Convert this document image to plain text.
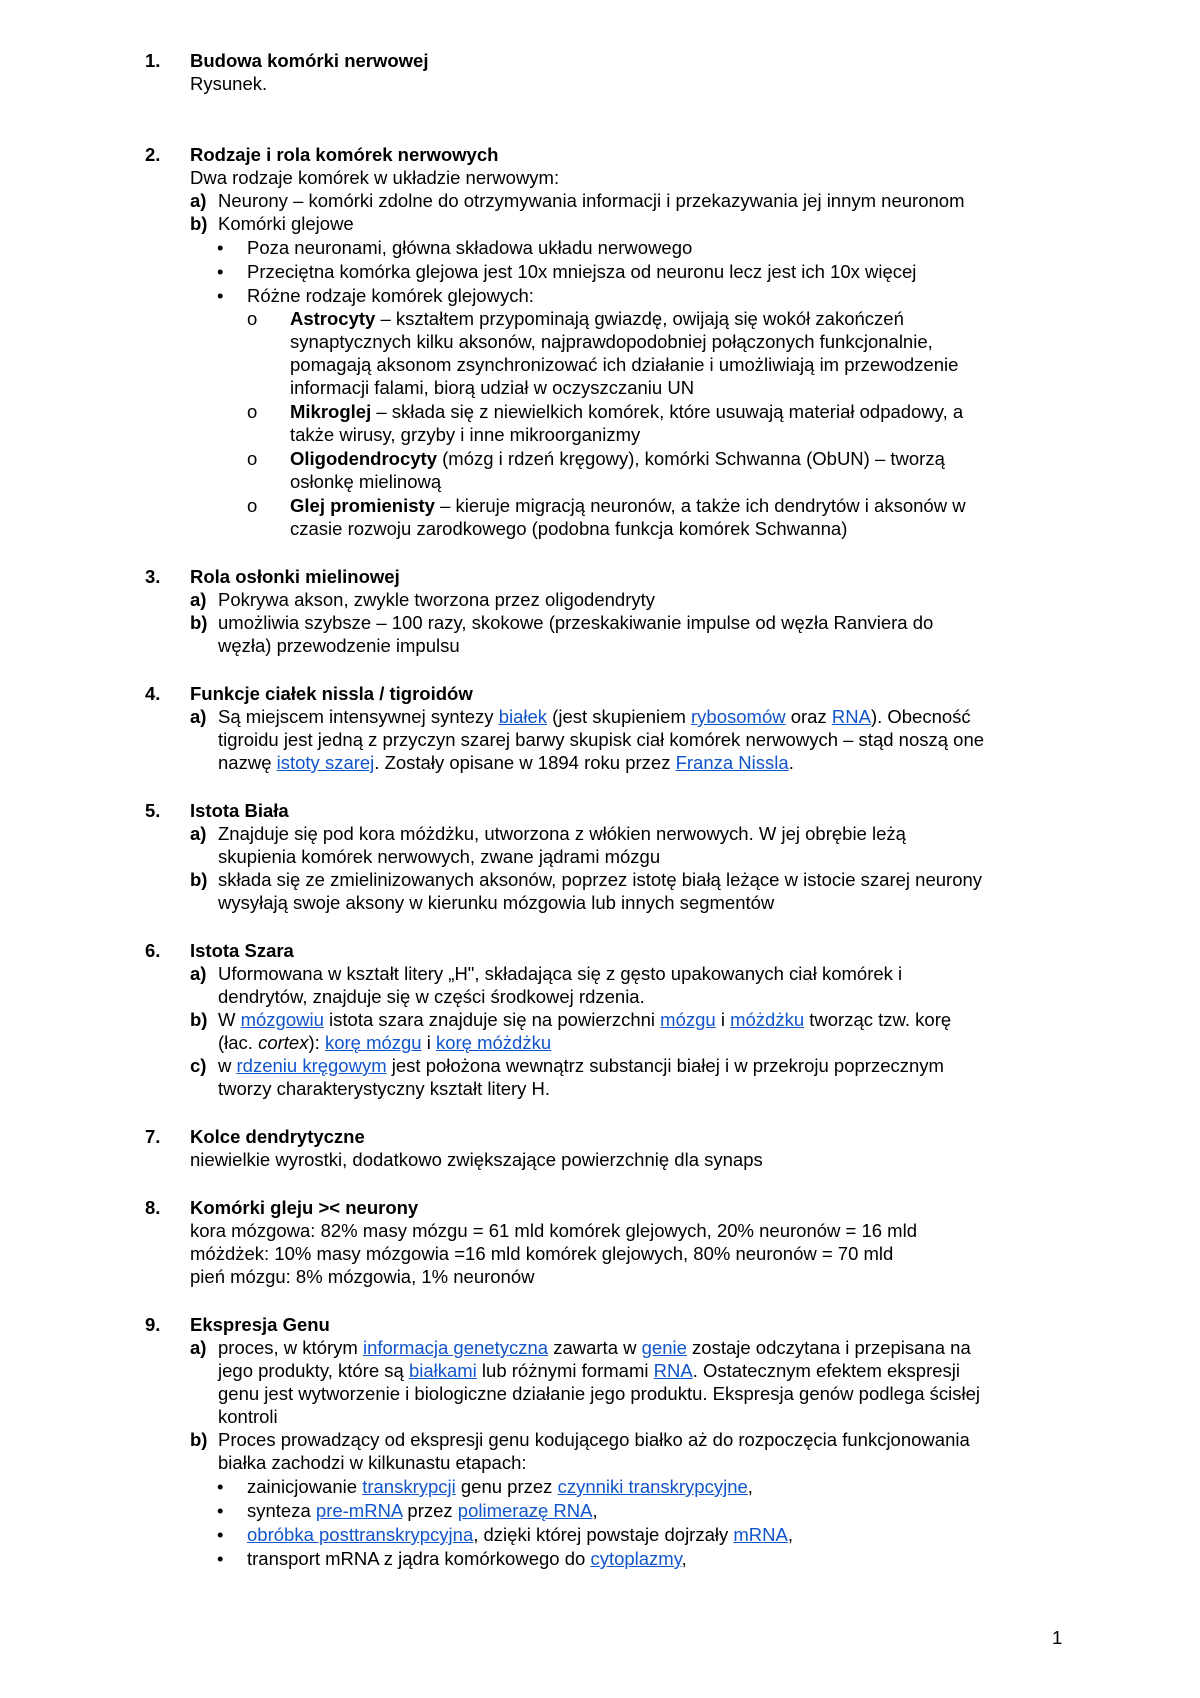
1. Budowa komórki nerwowej
2. Rodzaje i rola komórek nerwowych
3. Rola osłonki mielinowej
4. Funkcje ciałek nissla / tigroidów
5. Istota Biała
6. Istota Szara
7. Kolce dendrytyczne
8. Komórki gleju >< neurony
9. Ekspresja Genu
Rysunek.
Dwa rodzaje komórek w układzie nerwowym:
a) Neurony – komórki zdolne do otrzymywania informacji i przekazywania jej innym neuronom
b) Komórki glejowe
• Poza neuronami, główna składowa układu nerwowego
• Przeciętna komórka glejowa jest 10x mniejsza od neuronu lecz jest ich 10x więcej
• Różne rodzaje komórek glejowych:
o Astrocyty – kształtem przypominają gwiazdę, owijają się wokół zakończeń
synaptycznych kilku aksonów, najprawdopodobniej połączonych funkcjonalnie,
pomagają aksonom zsynchronizować ich działanie i umożliwiają im przewodzenie
informacji falami, biorą udział w oczyszczaniu UN
o Mikroglej – składa się z niewielkich komórek, które usuwają materiał odpadowy, a
także wirusy, grzyby i inne mikroorganizmy
o Oligodendrocyty (mózg i rdzeń kręgowy), komórki Schwanna (ObUN) – tworzą
osłonkę mielinową
o Glej promienisty – kieruje migracją neuronów, a także ich dendrytów i aksonów w
czasie rozwoju zarodkowego (podobna funkcja komórek Schwanna)
a) Pokrywa akson, zwykle tworzona przez oligodendryty
b) umożliwia szybsze – 100 razy, skokowe (przeskakiwanie impulse od węzła Ranviera do
węzła) przewodzenie impulsu
a) Są miejscem intensywnej syntezy białek (jest skupieniem rybosomów oraz RNA). Obecność
tigroidu jest jedną z przyczyn szarej barwy skupisk ciał komórek nerwowych – stąd noszą one
nazwę istoty szarej. Zostały opisane w 1894 roku przez Franza Nissla.
a) Znajduje się pod kora móżdżku, utworzona z włókien nerwowych. W jej obrębie leżą
skupienia komórek nerwowych, zwane jądrami mózgu
b) składa się ze zmielinizowanych aksonów, poprzez istotę białą leżące w istocie szarej neurony
wysyłają swoje aksony w kierunku mózgowia lub innych segmentów
a) Uformowana w kształt litery „H", składająca się z gęsto upakowanych ciał komórek i
dendrytów, znajduje się w części środkowej rdzenia.
b) W mózgowiu istota szara znajduje się na powierzchni mózgu i móżdżku tworząc tzw. korę
(łac. cortex): korę mózgu i korę móżdżku
c) w rdzeniu kręgowym jest położona wewnątrz substancji białej i w przekroju poprzecznym
tworzy charakterystyczny kształt litery H.
niewielkie wyrostki, dodatkowo zwiększające powierzchnię dla synaps
kora mózgowa: 82% masy mózgu = 61 mld komórek glejowych, 20% neuronów = 16 mld
móżdżek: 10% masy mózgowia =16 mld komórek glejowych, 80% neuronów = 70 mld
pień mózgu: 8% mózgowia, 1% neuronów
a) proces, w którym informacja genetyczna zawarta w genie zostaje odczytana i przepisana na
jego produkty, które są białkami lub różnymi formami RNA. Ostatecznym efektem ekspresji
genu jest wytworzenie i biologiczne działanie jego produktu. Ekspresja genów podlega ścisłej
kontroli
b) Proces prowadzący od ekspresji genu kodującego białko aż do rozpoczęcia funkcjonowania
białka zachodzi w kilkunastu etapach:
• zainicjowanie transkrypcji genu przez czynniki transkrypcyjne,
• synteza pre-mRNA przez polimerazę RNA,
• obróbka posttranskrypcyjna, dzięki której powstaje dojrzały mRNA,
• transport mRNA z jądra komórkowego do cytoplazmy,
1
